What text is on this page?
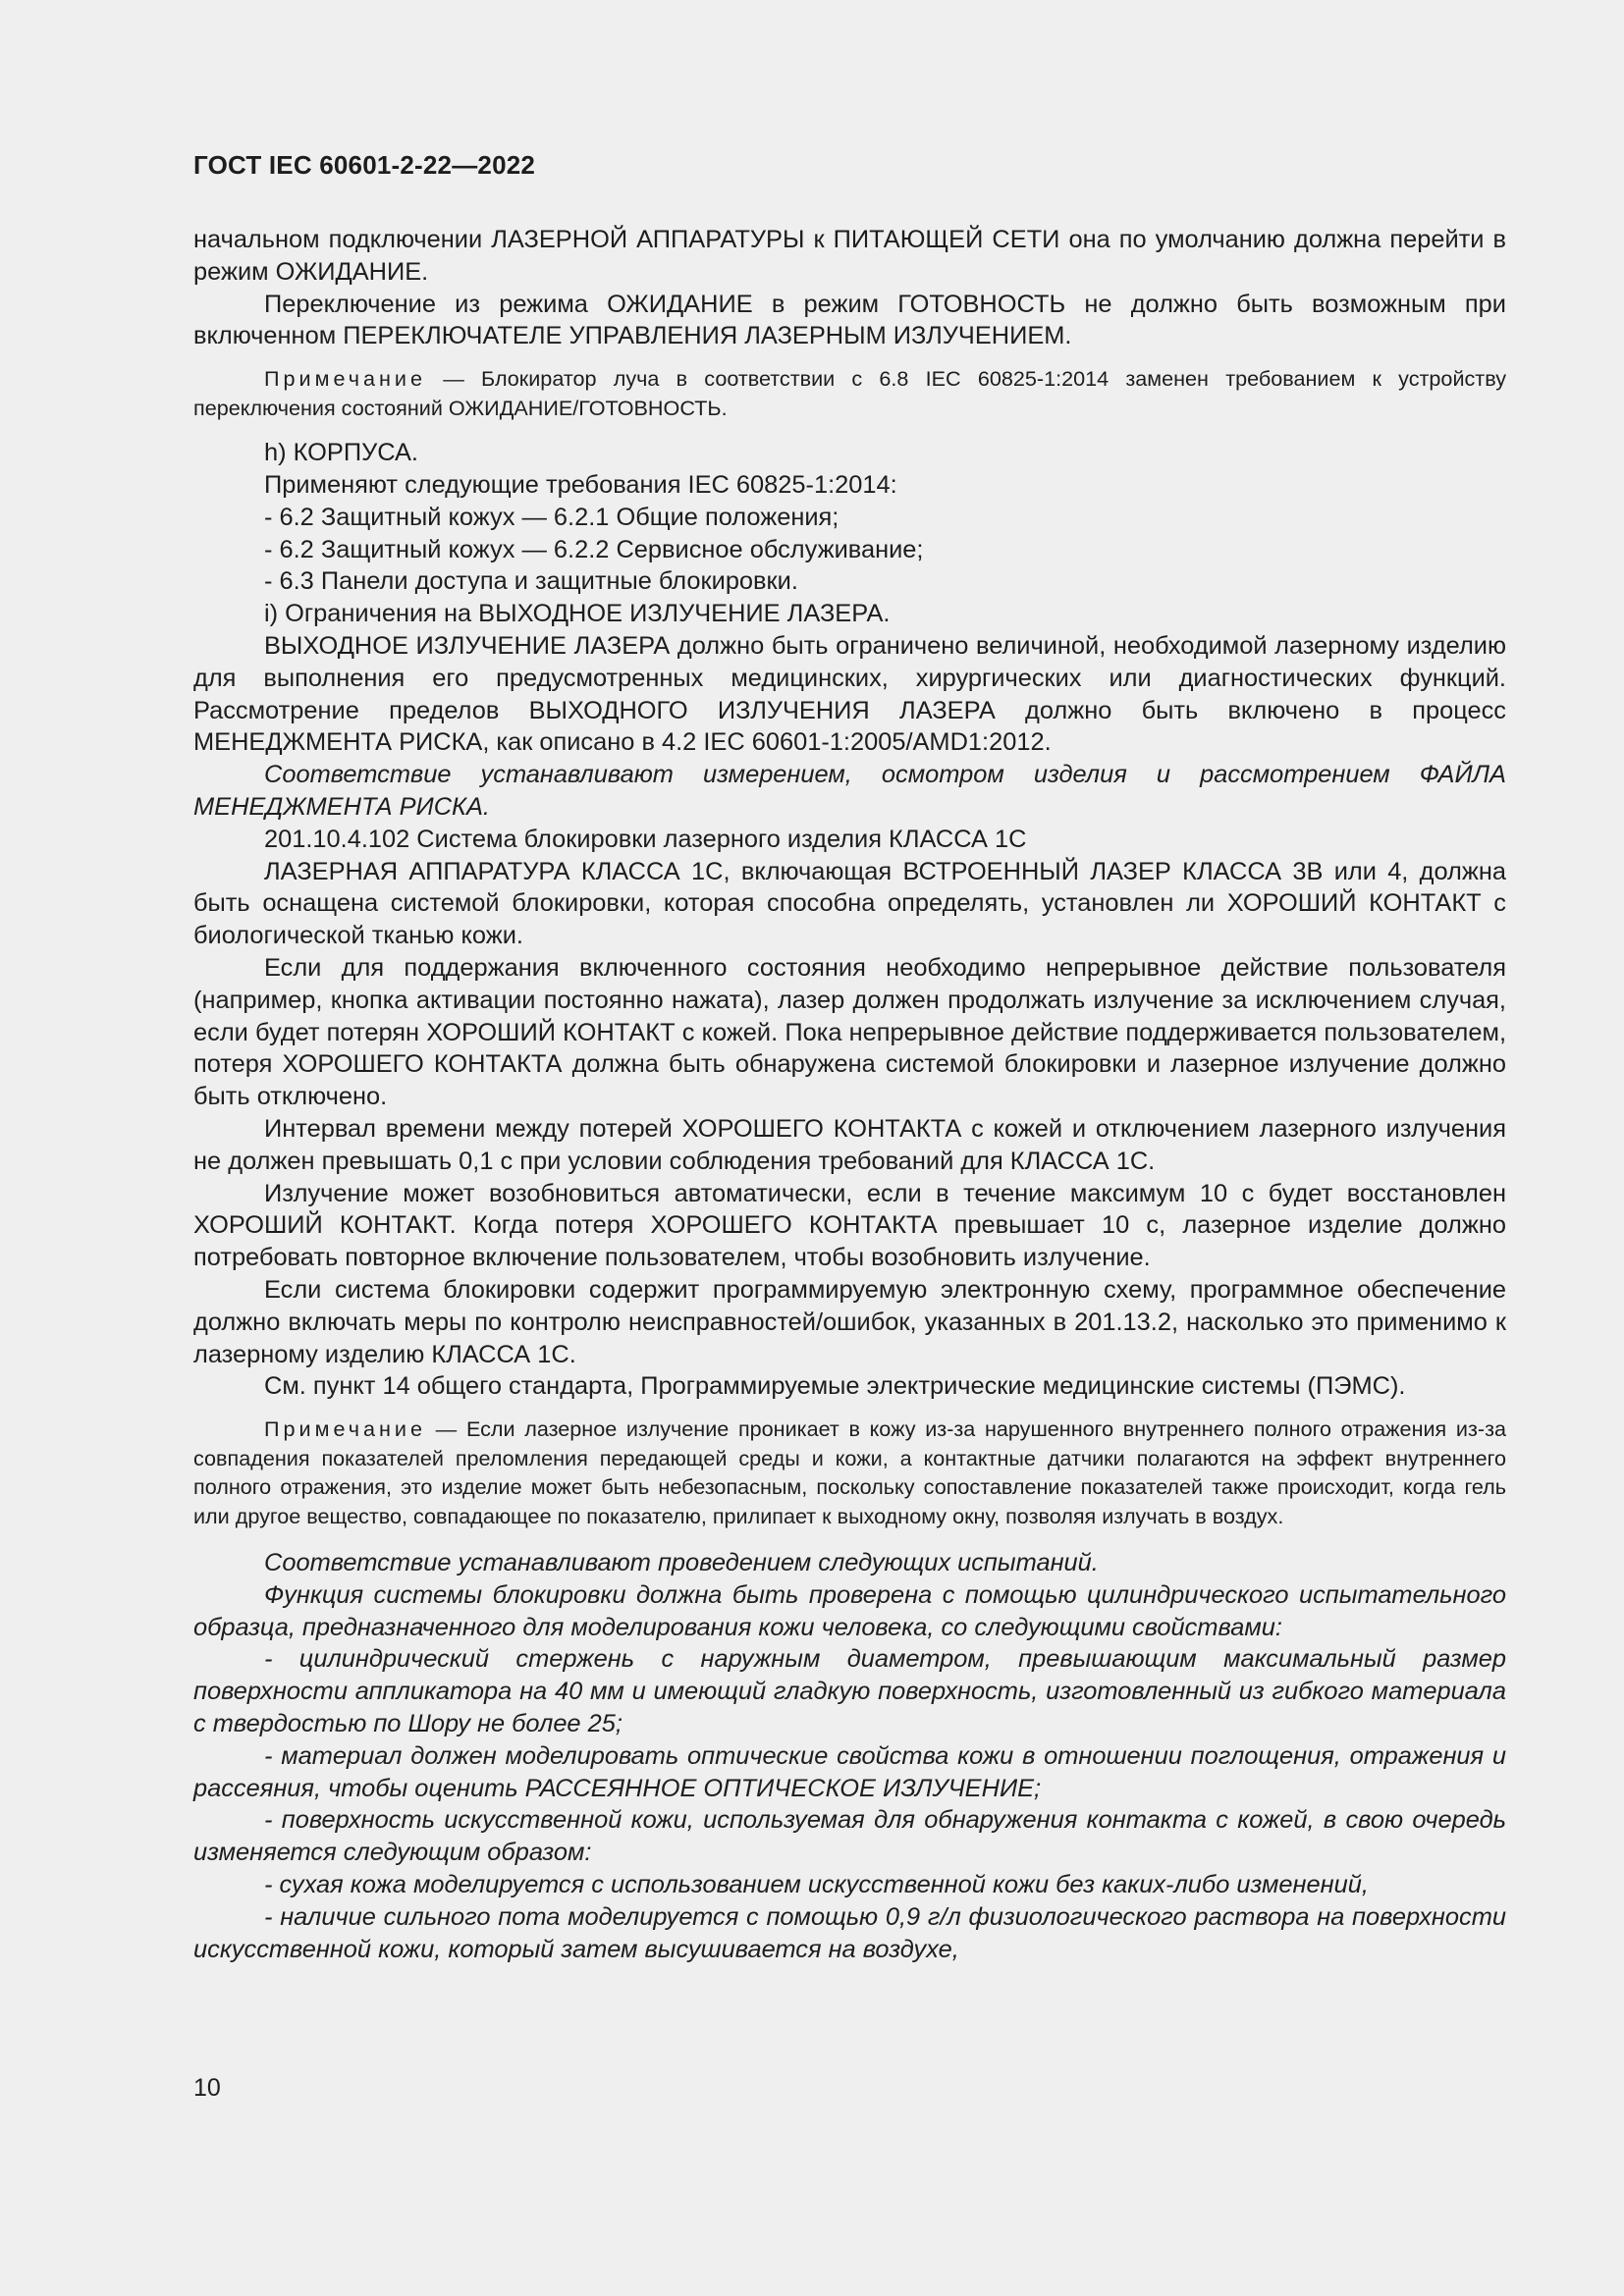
ГОСТ IEC 60601-2-22—2022

начальном подключении ЛАЗЕРНОЙ АППАРАТУРЫ к ПИТАЮЩЕЙ СЕТИ она по умолчанию должна перейти в режим ОЖИДАНИЕ.

Переключение из режима ОЖИДАНИЕ в режим ГОТОВНОСТЬ не должно быть возможным при включенном ПЕРЕКЛЮЧАТЕЛЕ УПРАВЛЕНИЯ ЛАЗЕРНЫМ ИЗЛУЧЕНИЕМ.

Примечание — Блокиратор луча в соответствии с 6.8 IEC 60825-1:2014 заменен требованием к устройству переключения состояний ОЖИДАНИЕ/ГОТОВНОСТЬ.

h) КОРПУСА.

Применяют следующие требования IEC 60825-1:2014:

- 6.2 Защитный кожух — 6.2.1 Общие положения;

- 6.2 Защитный кожух — 6.2.2 Сервисное обслуживание;

- 6.3 Панели доступа и защитные блокировки.

i) Ограничения на ВЫХОДНОЕ ИЗЛУЧЕНИЕ ЛАЗЕРА.

ВЫХОДНОЕ ИЗЛУЧЕНИЕ ЛАЗЕРА должно быть ограничено величиной, необходимой лазерному изделию для выполнения его предусмотренных медицинских, хирургических или диагностических функций. Рассмотрение пределов ВЫХОДНОГО ИЗЛУЧЕНИЯ ЛАЗЕРА должно быть включено в процесс МЕНЕДЖМЕНТА РИСКА, как описано в 4.2 IEC 60601-1:2005/AMD1:2012.

Соответствие устанавливают измерением, осмотром изделия и рассмотрением ФАЙЛА МЕНЕДЖМЕНТА РИСКА.

201.10.4.102 Система блокировки лазерного изделия КЛАССА 1С

ЛАЗЕРНАЯ АППАРАТУРА КЛАССА 1С, включающая ВСТРОЕННЫЙ ЛАЗЕР КЛАССА 3В или 4, должна быть оснащена системой блокировки, которая способна определять, установлен ли ХОРОШИЙ КОНТАКТ с биологической тканью кожи.

Если для поддержания включенного состояния необходимо непрерывное действие пользователя (например, кнопка активации постоянно нажата), лазер должен продолжать излучение за исключением случая, если будет потерян ХОРОШИЙ КОНТАКТ с кожей. Пока непрерывное действие поддерживается пользователем, потеря ХОРОШЕГО КОНТАКТА должна быть обнаружена системой блокировки и лазерное излучение должно быть отключено.

Интервал времени между потерей ХОРОШЕГО КОНТАКТА с кожей и отключением лазерного излучения не должен превышать 0,1 с при условии соблюдения требований для КЛАССА 1С.

Излучение может возобновиться автоматически, если в течение максимум 10 с будет восстановлен ХОРОШИЙ КОНТАКТ. Когда потеря ХОРОШЕГО КОНТАКТА превышает 10 с, лазерное изделие должно потребовать повторное включение пользователем, чтобы возобновить излучение.

Если система блокировки содержит программируемую электронную схему, программное обеспечение должно включать меры по контролю неисправностей/ошибок, указанных в 201.13.2, насколько это применимо к лазерному изделию КЛАССА 1С.

См. пункт 14 общего стандарта, Программируемые электрические медицинские системы (ПЭМС).

Примечание — Если лазерное излучение проникает в кожу из-за нарушенного внутреннего полного отражения из-за совпадения показателей преломления передающей среды и кожи, а контактные датчики полагаются на эффект внутреннего полного отражения, это изделие может быть небезопасным, поскольку сопоставление показателей также происходит, когда гель или другое вещество, совпадающее по показателю, прилипает к выходному окну, позволяя излучать в воздух.

Соответствие устанавливают проведением следующих испытаний.

Функция системы блокировки должна быть проверена с помощью цилиндрического испытательного образца, предназначенного для моделирования кожи человека, со следующими свойствами:

- цилиндрический стержень с наружным диаметром, превышающим максимальный размер поверхности аппликатора на 40 мм и имеющий гладкую поверхность, изготовленный из гибкого материала с твердостью по Шору не более 25;

- материал должен моделировать оптические свойства кожи в отношении поглощения, отражения и рассеяния, чтобы оценить РАССЕЯННОЕ ОПТИЧЕСКОЕ ИЗЛУЧЕНИЕ;

- поверхность искусственной кожи, используемая для обнаружения контакта с кожей, в свою очередь изменяется следующим образом:

- сухая кожа моделируется с использованием искусственной кожи без каких-либо изменений,

- наличие сильного пота моделируется с помощью 0,9 г/л физиологического раствора на поверхности искусственной кожи, который затем высушивается на воздухе,

10
